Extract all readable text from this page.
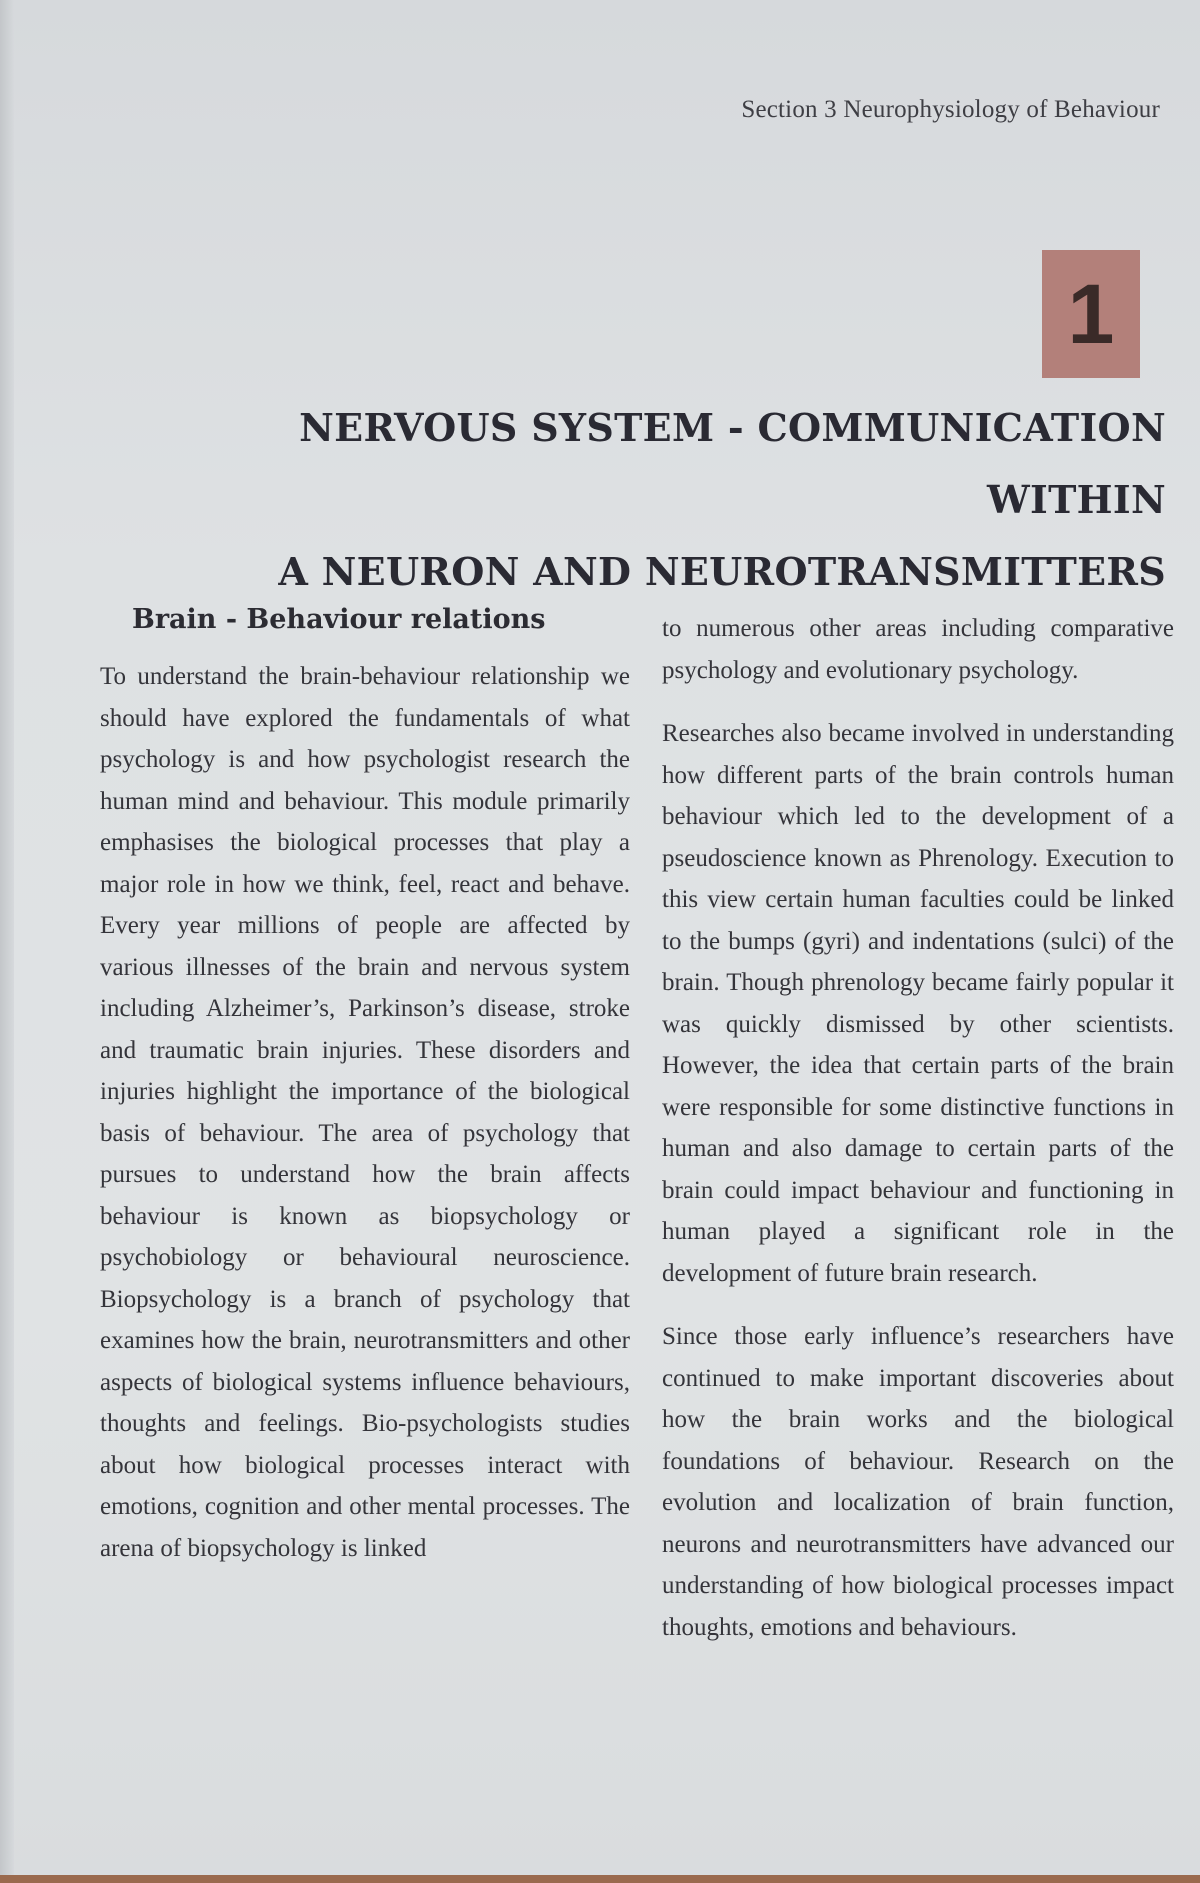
Section 3 Neurophysiology of Behaviour
1
NERVOUS SYSTEM - COMMUNICATION WITHIN
A NEURON AND NEUROTRANSMITTERS
Brain - Behaviour relations

To understand the brain-behaviour relationship we should have explored the fundamentals of what psychology is and how psychologist research the human mind and behaviour. This module primarily emphasises the biological processes that play a major role in how we think, feel, react and behave. Every year millions of people are affected by various illnesses of the brain and nervous system including Alzheimer’s, Parkinson’s disease, stroke and traumatic brain injuries. These disorders and injuries highlight the importance of the biological basis of behaviour. The area of psychology that pursues to understand how the brain affects behaviour is known as biopsychology or psychobiology or behavioural neuroscience. Biopsychology is a branch of psychology that examines how the brain, neurotransmitters and other aspects of biological systems influence behaviours, thoughts and feelings. Bio-psychologists studies about how biological processes interact with emotions, cognition and other mental processes. The arena of biopsychology is linked

to numerous other areas including comparative psychology and evolutionary psychology.

Researches also became involved in understanding how different parts of the brain controls human behaviour which led to the development of a pseudoscience known as Phrenology. Execution to this view certain human faculties could be linked to the bumps (gyri) and indentations (sulci) of the brain. Though phrenology became fairly popular it was quickly dismissed by other scientists. However, the idea that certain parts of the brain were responsible for some distinctive functions in human and also damage to certain parts of the brain could impact behaviour and functioning in human played a significant role in the development of future brain research.

Since those early influence’s researchers have continued to make important discoveries about how the brain works and the biological foundations of behaviour. Research on the evolution and localization of brain function, neurons and neurotransmitters have advanced our understanding of how biological processes impact thoughts, emotions and behaviours.
